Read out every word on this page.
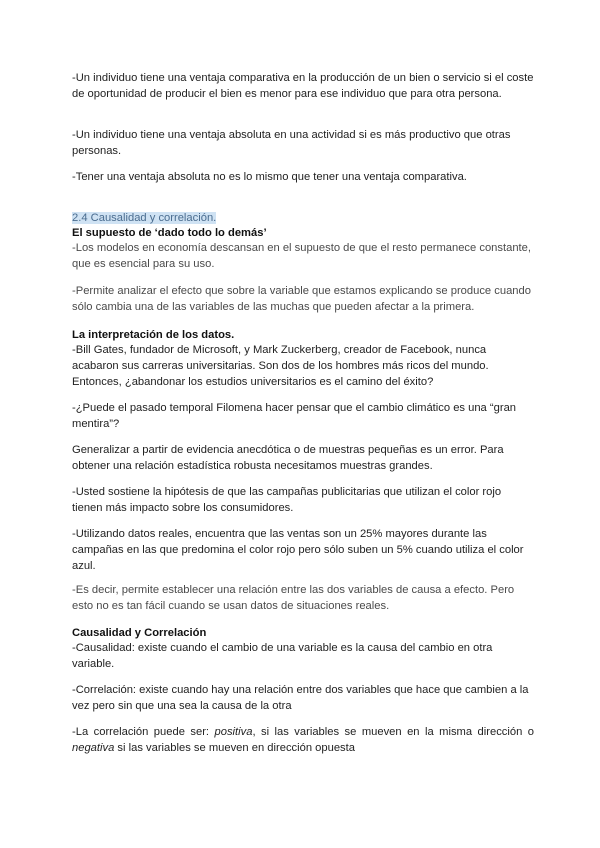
-Un individuo tiene una ventaja comparativa en la producción de un bien o servicio si el coste de oportunidad de producir el bien es menor para ese individuo que para otra persona.

-Un individuo tiene una ventaja absoluta en una actividad si es más productivo que otras personas.

-Tener una ventaja absoluta no es lo mismo que tener una ventaja comparativa.

2.4 Causalidad y correlación.

El supuesto de ‘dado todo lo demás’

-Los modelos en economía descansan en el supuesto de que el resto permanece constante, que es esencial para su uso.

-Permite analizar el efecto que sobre la variable que estamos explicando se produce cuando sólo cambia una de las variables de las muchas que pueden afectar a la primera.

La interpretación de los datos.

-Bill Gates, fundador de Microsoft, y Mark Zuckerberg, creador de Facebook, nunca acabaron sus carreras universitarias. Son dos de los hombres más ricos del mundo. Entonces, ¿abandonar los estudios universitarios es el camino del éxito?

-¿Puede el pasado temporal Filomena hacer pensar que el cambio climático es una “gran mentira”?

Generalizar a partir de evidencia anecdótica o de muestras pequeñas es un error. Para obtener una relación estadística robusta necesitamos muestras grandes.

-Usted sostiene la hipótesis de que las campañas publicitarias que utilizan el color rojo tienen más impacto sobre los consumidores.

-Utilizando datos reales, encuentra que las ventas son un 25% mayores durante las campañas en las que predomina el color rojo pero sólo suben un 5% cuando utiliza el color azul.

-Es decir, permite establecer una relación entre las dos variables de causa a efecto. Pero esto no es tan fácil cuando se usan datos de situaciones reales.

Causalidad y Correlación

-Causalidad: existe cuando el cambio de una variable es la causa del cambio en otra variable.

-Correlación: existe cuando hay una relación entre dos variables que hace que cambien a la vez pero sin que una sea la causa de la otra

-La correlación puede ser: positiva, si las variables se mueven en la misma dirección o negativa si las variables se mueven en dirección opuesta
